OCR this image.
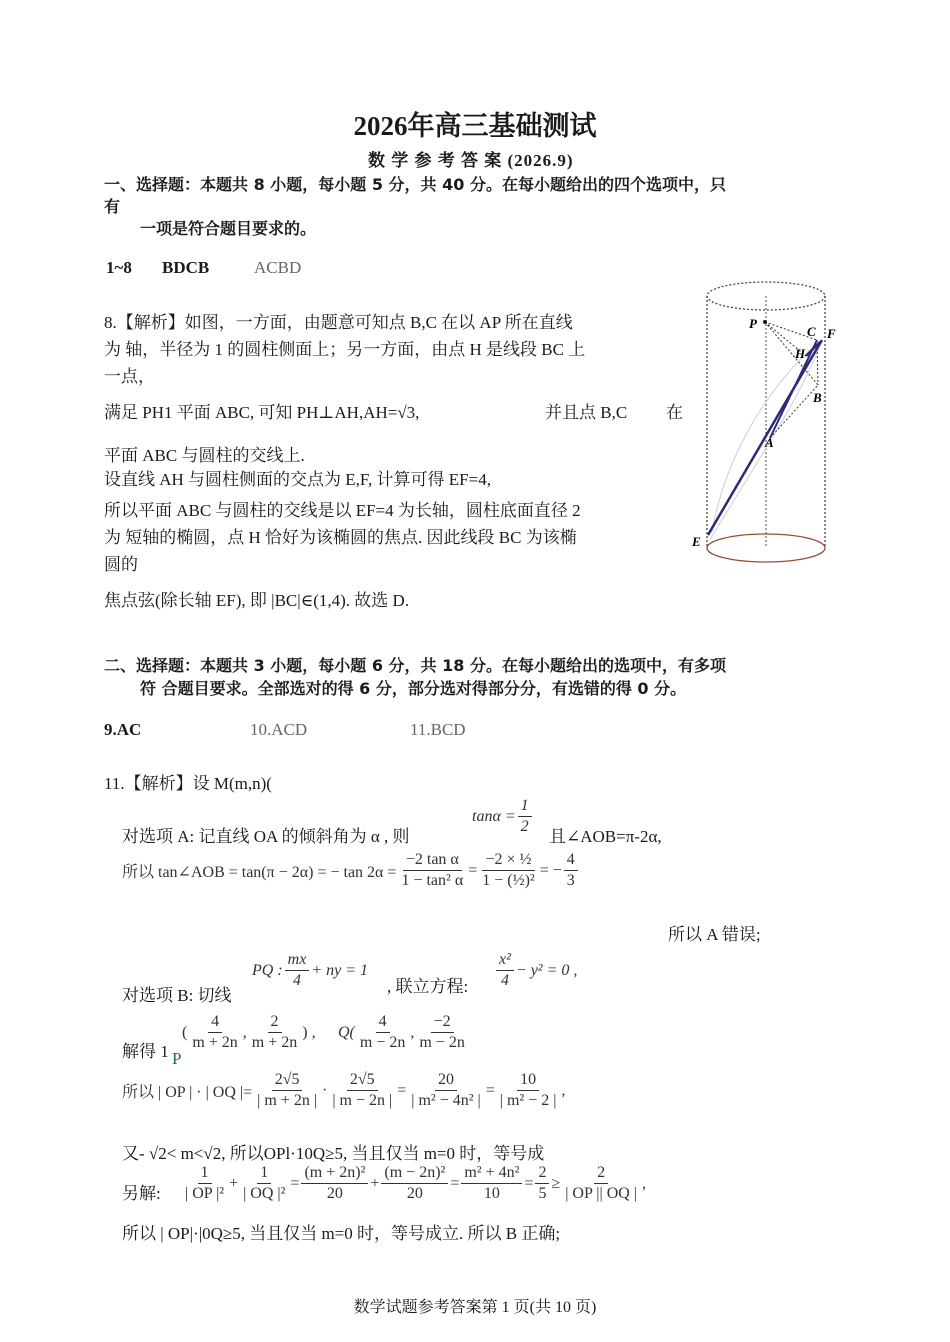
2026年高三基础测试
数 学 参 考 答 案 (2026.9)
一、选择题：本题共 8 小题，每小题 5 分，共 40 分。在每小题给出的四个选项中，只
有
一项是符合题目要求的。
1~8 BDCB	ACBD
8.【解析】如图，一方面，由题意可知点 B,C 在以 AP 所在直线
为 轴，半径为 1 的圆柱侧面上；另一方面，由点 H 是线段 BC 上
一点，
满足 PH1 平面 ABC, 可知 PH⊥AH,AH=√3,	并且点 B,C 在
平面 ABC 与圆柱的交线上.
设直线 AH 与圆柱侧面的交点为 E,F, 计算可得 EF=4,
所以平面 ABC 与圆柱的交线是以 EF=4 为长轴，圆柱底面直径 2
为 短轴的椭圆，点 H 恰好为该椭圆的焦点. 因此线段 BC 为该椭
圆的
焦点弦(除长轴 EF), 即 |BC|∈(1,4). 故选 D.
P
C F
H
B
A
E
二、选择题：本题共 3 小题，每小题 6 分，共 18 分。在每小题给出的选项中，有多项
符 合题目要求。全部选对的得 6 分，部分选对得部分分，有选错的得 0 分。
9.AC	10.ACD	11.BCD
11.【解析】设 M(m,n)(
对选项 A: 记直线 OA 的倾斜角为 α , 则
$\tan\alpha = \frac{1}{2}$ 且∠AOB=π-2α,
所以 tan∠AOB = tan(π − 2α) = − $\tan 2\alpha = \frac{\text{−2 tan α}}{\text{1 − tan² α}} = \frac{\text{−2 × ½}}{\text{1 − (½)²}}$ = − $\frac{4}{3}$
所以 A 错误;
对选项 B: 切线
PQ : $\frac{mx}{4}$ + ny = 1
, 联立方程: $\frac{\text{x²}}{4} - y^2 = 0$ ,
解得 1 P
( $\frac{4}{m + 2n}$ , $\frac{2}{m + 2n}$ ) , $Q( \frac{4}{m - 2n}$ , $\frac{-2}{m - 2n}$
所以 | OP | · | OQ |= $\frac{2√5}{| m + 2n |} \cdot \frac{2√5}{| m - 2n |} = \frac{20}{\text{| m² − 4n² |}} = \frac{10}{\text{| m² − 2 |}}$ ,
又- √2< m<√2, 所以OPl·10Q≥5, 当且仅当 m=0 时，等号成
另解: $\frac{1}{\text{| OP |²}} + \frac{1}{\text{| OQ |²}} = \frac{\text{(m + 2n)²}}{20} + \frac{\text{(m − 2n)²}}{20} = \frac{\text{m² + 4n²}}{10} = \frac{2}{5} \ge \frac{2}{| OP || OQ |}$ ,
所以 | OP|·|0Q≥5, 当且仅当 m=0 时，等号成立. 所以 B 正确;
数学试题参考答案第 1 页(共 10 页)
